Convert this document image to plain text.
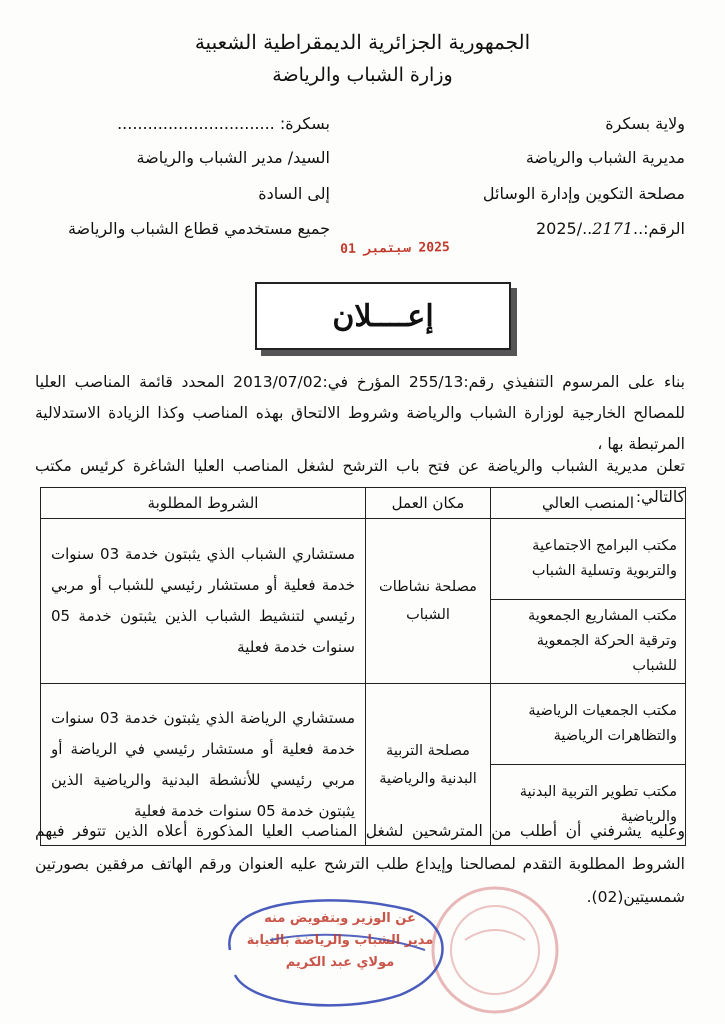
الجمهورية الجزائرية الديمقراطية الشعبية
وزارة الشباب والرياضة
ولاية بسكرة
مديرية الشباب والرياضة
مصلحة التكوين وإدارة الوسائل
الرقم:..2171../2025
بسكرة: ...............................
السيد/ مدير الشباب والرياضة
إلى السادة
جميع مستخدمي قطاع الشباب والرياضة
2025 سبتمبر 01
إعــــلان
بناء على المرسوم التنفيذي رقم:255/13 المؤرخ في:2013/07/02 المحدد قائمة المناصب العليا للمصالح الخارجية لوزارة الشباب والرياضة وشروط الالتحاق بهذه المناصب وكذا الزيادة الاستدلالية المرتبطة بها ،
تعلن مديرية الشباب والرياضة عن فتح باب الترشح لشغل المناصب العليا الشاغرة كرئيس مكتب كالتالي:
المنصب العالي	مكان العمل	الشروط المطلوبة
مكتب البرامج الاجتماعية والتربوية وتسلية الشباب	مصلحة نشاطات الشباب	مستشاري الشباب الذي يثبتون خدمة 03 سنوات خدمة فعلية أو مستشار رئيسي للشباب أو مربي رئيسي لتنشيط الشباب الذين يثبتون خدمة 05 سنوات خدمة فعلية
مكتب المشاريع الجمعوية وترقية الحركة الجمعوية للشباب		
مكتب الجمعيات الرياضية والتظاهرات الرياضية	مصلحة التربية البدنية والرياضية	مستشاري الرياضة الذي يثبتون خدمة 03 سنوات خدمة فعلية أو مستشار رئيسي في الرياضة أو مربي رئيسي للأنشطة البدنية والرياضية الذين يثبتون خدمة 05 سنوات خدمة فعلية
مكتب تطوير التربية البدنية والرياضية		
وعليه يشرفني أن أطلب من المترشحين لشغل المناصب العليا المذكورة أعلاه الذين تتوفر فيهم الشروط المطلوبة التقدم لمصالحنا وإيداع طلب الترشح عليه العنوان ورقم الهاتف مرفقين بصورتين شمسيتين(02).
عن الوزير وبتفويض منه
مدير الشباب والرياضة بالنيابة
مولاي عبد الكريم
